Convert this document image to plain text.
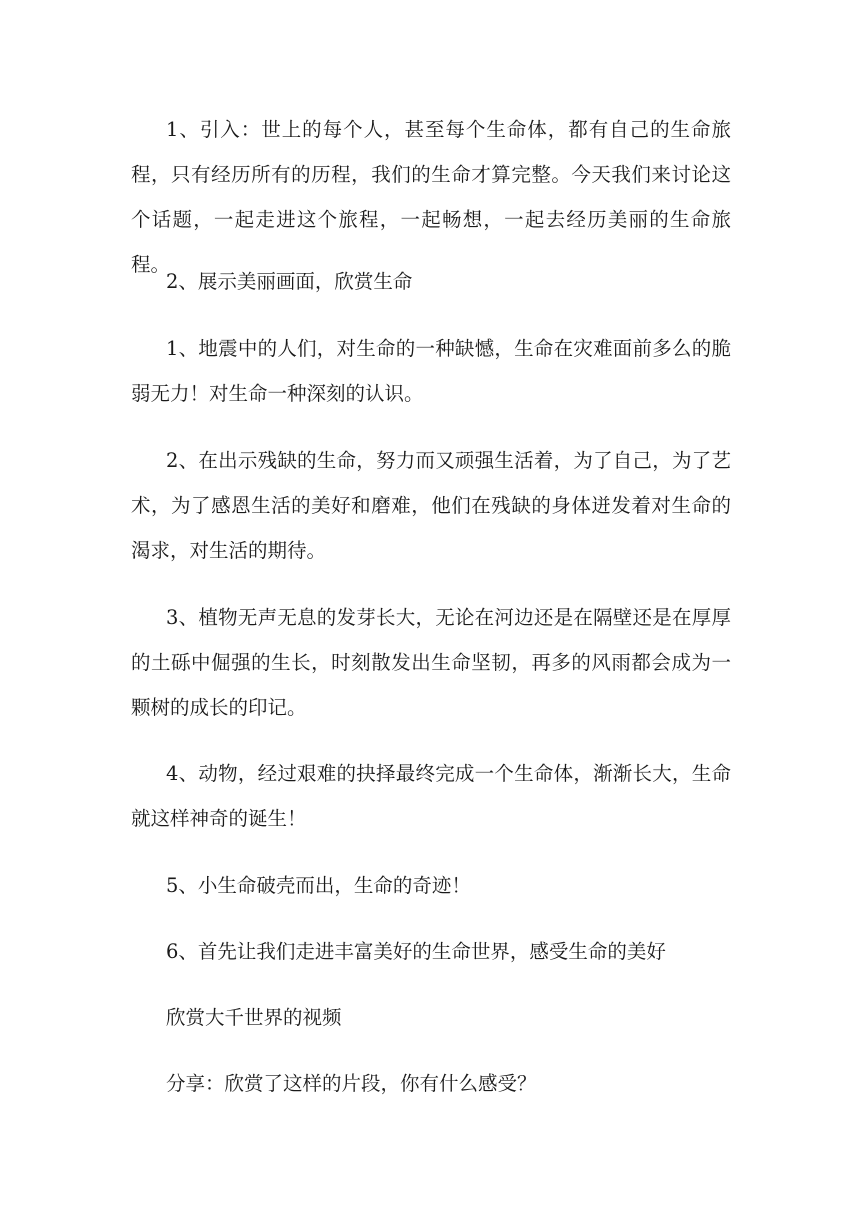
1、引入：世上的每个人，甚至每个生命体，都有自己的生命旅程，只有经历所有的历程，我们的生命才算完整。今天我们来讨论这个话题，一起走进这个旅程，一起畅想，一起去经历美丽的生命旅程。

2、展示美丽画面，欣赏生命

1、地震中的人们，对生命的一种缺憾，生命在灾难面前多么的脆弱无力！对生命一种深刻的认识。

2、在出示残缺的生命，努力而又顽强生活着，为了自己，为了艺术，为了感恩生活的美好和磨难，他们在残缺的身体迸发着对生命的渴求，对生活的期待。

3、植物无声无息的发芽长大，无论在河边还是在隔壁还是在厚厚的土砾中倔强的生长，时刻散发出生命坚韧，再多的风雨都会成为一颗树的成长的印记。

4、动物，经过艰难的抉择最终完成一个生命体，渐渐长大，生命就这样神奇的诞生！

5、小生命破壳而出，生命的奇迹！

6、首先让我们走进丰富美好的生命世界，感受生命的美好

欣赏大千世界的视频

分享：欣赏了这样的片段，你有什么感受？
